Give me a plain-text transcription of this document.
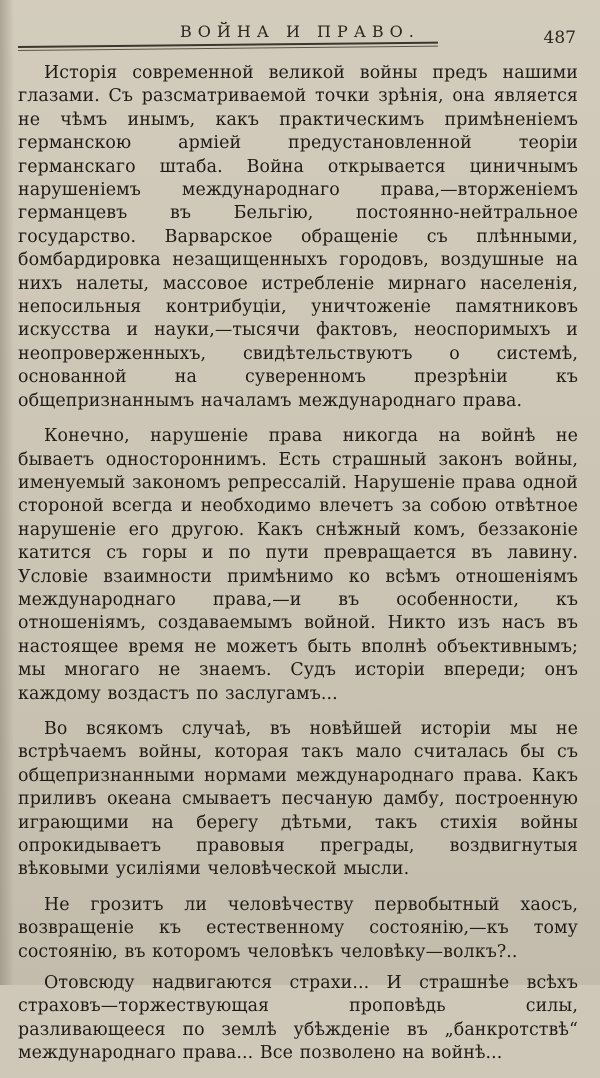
ВОЙНА И ПРАВО.	487

Исторія современной великой войны предъ нашими глазами. Съ разсматриваемой точки зрѣнія, она является не чѣмъ инымъ, какъ практическимъ примѣненіемъ германскою арміей предустановленной теоріи германскаго штаба. Война открывается циничнымъ нарушеніемъ международнаго права,—вторженіемъ германцевъ въ Бельгію, постоянно-нейтральное государство. Варварское обращеніе съ плѣнными, бомбардировка незащищенныхъ городовъ, воздушные на нихъ налеты, массовое истребленіе мирнаго населенія, непосильныя контрибуціи, уничтоженіе памятниковъ искусства и науки,—тысячи фактовъ, неоспоримыхъ и неопроверженныхъ, свидѣтельствуютъ о системѣ, основанной на суверенномъ презрѣніи къ общепризнаннымъ началамъ международнаго права.

Конечно, нарушеніе права никогда на войнѣ не бываетъ одностороннимъ. Есть страшный законъ войны, именуемый закономъ репрессалій. Нарушеніе права одной стороной всегда и необходимо влечетъ за собою отвѣтное нарушеніе его другою. Какъ снѣжный комъ, беззаконіе катится съ горы и по пути превращается въ лавину. Условіе взаимности примѣнимо ко всѣмъ отношеніямъ международнаго права,—и въ особенности, къ отношеніямъ, создаваемымъ войной. Никто изъ насъ въ настоящее время не можетъ быть вполнѣ объективнымъ; мы многаго не знаемъ. Судъ исторіи впереди; онъ каждому воздастъ по заслугамъ...

Во всякомъ случаѣ, въ новѣйшей исторіи мы не встрѣчаемъ войны, которая такъ мало считалась бы съ общепризнанными нормами международнаго права. Какъ приливъ океана смываетъ песчаную дамбу, построенную играющими на берегу дѣтьми, такъ стихія войны опрокидываетъ правовыя преграды, воздвигнутыя вѣковыми усиліями человѣческой мысли.

Не грозитъ ли человѣчеству первобытный хаосъ, возвращеніе къ естественному состоянію,—къ тому состоянію, въ которомъ человѣкъ человѣку—волкъ?..

Отовсюду надвигаются страхи... И страшнѣе всѣхъ страховъ—торжествующая проповѣдь силы, разливающееся по землѣ убѣжденіе въ „банкротствѣ“ международнаго права... Все позволено на войнѣ...
